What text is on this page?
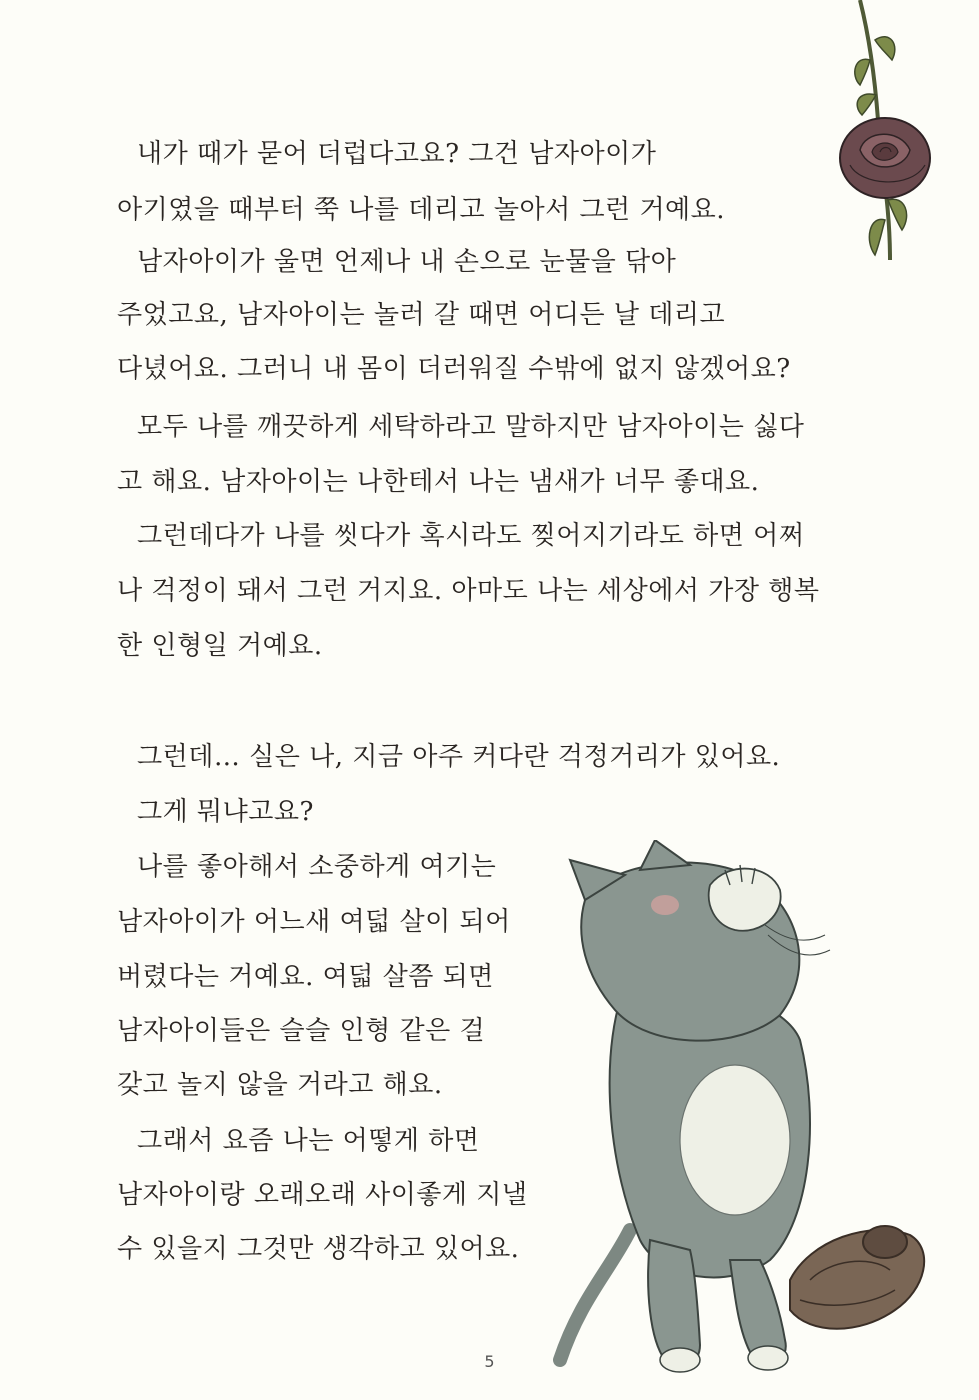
내가 때가 묻어 더럽다고요? 그건 남자아이가
아기였을 때부터 쭉 나를 데리고 놀아서 그런 거예요.
남자아이가 울면 언제나 내 손으로 눈물을 닦아
주었고요, 남자아이는 놀러 갈 때면 어디든 날 데리고
다녔어요. 그러니 내 몸이 더러워질 수밖에 없지 않겠어요?
모두 나를 깨끗하게 세탁하라고 말하지만 남자아이는 싫다
고 해요. 남자아이는 나한테서 나는 냄새가 너무 좋대요.
그런데다가 나를 씻다가 혹시라도 찢어지기라도 하면 어쩌
나 걱정이 돼서 그런 거지요. 아마도 나는 세상에서 가장 행복
한 인형일 거예요.
그런데… 실은 나, 지금 아주 커다란 걱정거리가 있어요.
그게 뭐냐고요?
나를 좋아해서 소중하게 여기는
남자아이가 어느새 여덟 살이 되어
버렸다는 거예요. 여덟 살쯤 되면
남자아이들은 슬슬 인형 같은 걸
갖고 놀지 않을 거라고 해요.
그래서 요즘 나는 어떻게 하면
남자아이랑 오래오래 사이좋게 지낼
수 있을지 그것만 생각하고 있어요.
5
